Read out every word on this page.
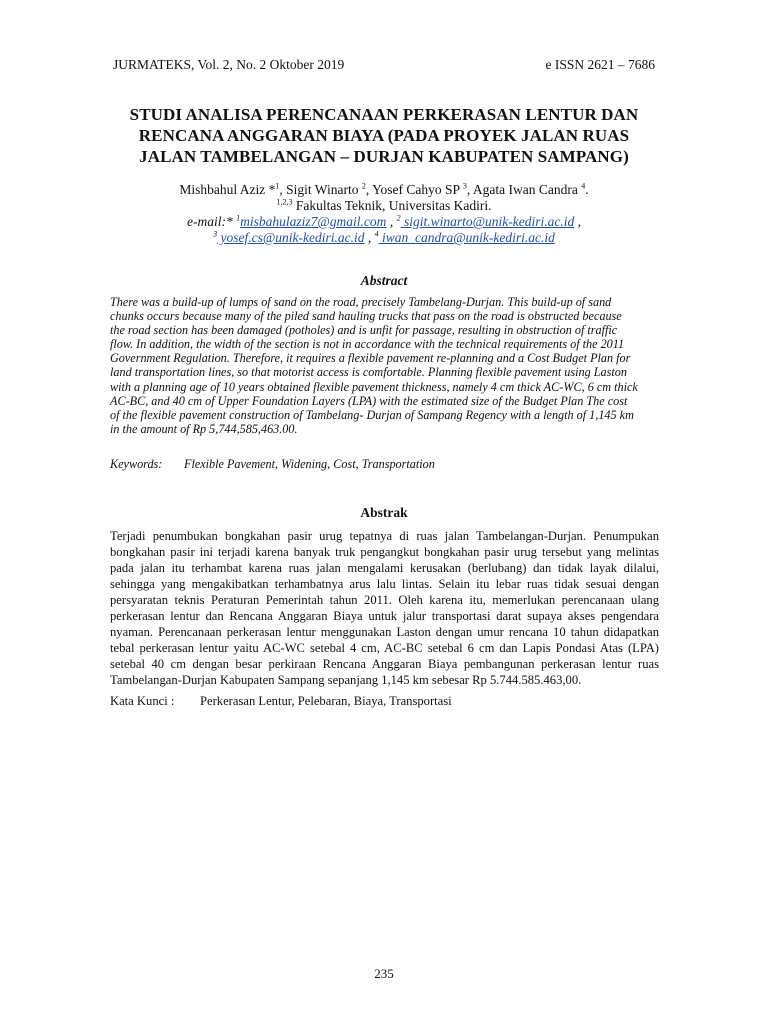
JURMATEKS, Vol. 2, No. 2 Oktober 2019	e ISSN 2621 – 7686
STUDI ANALISA PERENCANAAN PERKERASAN LENTUR DAN
RENCANA ANGGARAN BIAYA (PADA PROYEK JALAN RUAS
JALAN TAMBELANGAN – DURJAN KABUPATEN SAMPANG)
Mishbahul Aziz *$^1$, Sigit Winarto $^2$, Yosef Cahyo SP $^3$, Agata Iwan Candra $^4$.
$^{1,2,3}$ Fakultas Teknik, Universitas Kadiri.
e-mail:* $^1$misbahulaziz7@gmail.com , $^2$ sigit.winarto@unik-kediri.ac.id ,
$^3$ yosef.cs@unik-kediri.ac.id , $^4$ iwan_candra@unik-kediri.ac.id
Abstract
There was a build-up of lumps of sand on the road, precisely Tambelang-Durjan. This build-up of sand
chunks occurs because many of the piled sand hauling trucks that pass on the road is obstructed because
the road section has been damaged (potholes) and is unfit for passage, resulting in obstruction of traffic
flow. In addition, the width of the section is not in accordance with the technical requirements of the 2011
Government Regulation. Therefore, it requires a flexible pavement re-planning and a Cost Budget Plan for
land transportation lines, so that motorist access is comfortable. Planning flexible pavement using Laston
with a planning age of 10 years obtained flexible pavement thickness, namely 4 cm thick AC-WC, 6 cm thick
AC-BC, and 40 cm of Upper Foundation Layers (LPA) with the estimated size of the Budget Plan The cost
of the flexible pavement construction of Tambelang- Durjan of Sampang Regency with a length of 1,145 km
in the amount of Rp 5,744,585,463.00.
Keywords:	Flexible Pavement, Widening, Cost, Transportation
Abstrak
Terjadi penumbukan bongkahan pasir urug tepatnya di ruas jalan Tambelangan-Durjan. Penumpukan
bongkahan pasir ini terjadi karena banyak truk pengangkut bongkahan pasir urug tersebut yang melintas
pada jalan itu terhambat karena ruas jalan mengalami kerusakan (berlubang) dan tidak layak dilalui,
sehingga yang mengakibatkan terhambatnya arus lalu lintas. Selain itu lebar ruas tidak sesuai dengan
persyaratan teknis Peraturan Pemerintah tahun 2011. Oleh karena itu, memerlukan perencanaan ulang
perkerasan lentur dan Rencana Anggaran Biaya untuk jalur transportasi darat supaya akses pengendara
nyaman. Perencanaan perkerasan lentur menggunakan Laston dengan umur rencana 10 tahun didapatkan
tebal perkerasan lentur yaitu AC-WC setebal 4 cm, AC-BC setebal 6 cm dan Lapis Pondasi Atas (LPA)
setebal 40 cm dengan besar perkiraan Rencana Anggaran Biaya pembangunan perkerasan lentur ruas
Tambelangan-Durjan Kabupaten Sampang sepanjang 1,145 km sebesar Rp 5.744.585.463,00.
Kata Kunci :	Perkerasan Lentur, Pelebaran, Biaya, Transportasi
235
